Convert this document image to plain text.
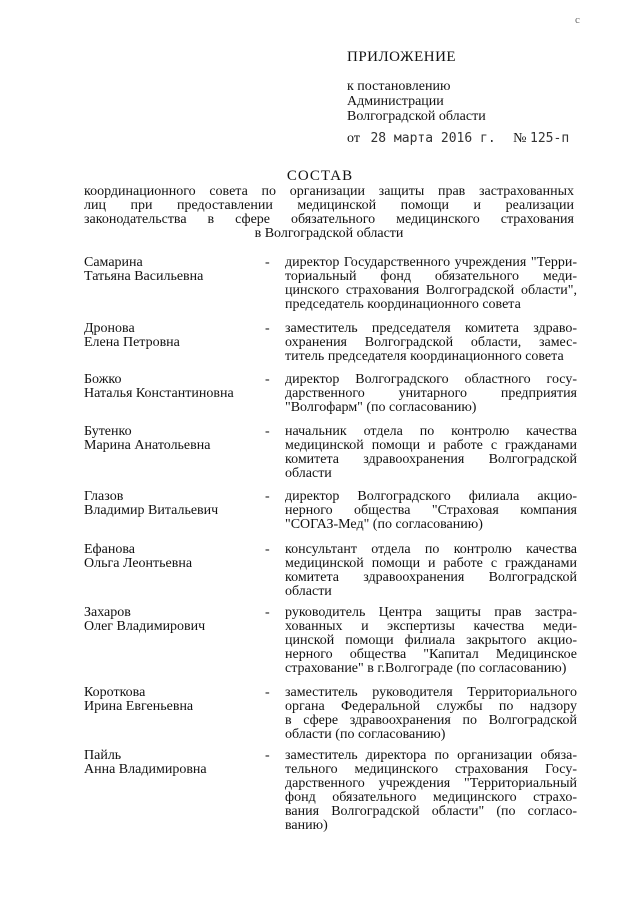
с
ПРИЛОЖЕНИЕ
к постановлению
Администрации
Волгоградской области
от 28 марта 2016 г. № 125-п
СОСТАВ
координационного совета по организации защиты прав застрахованных
лиц при предоставлении медицинской помощи и реализации
законодательства в сфере обязательного медицинского страхования
в Волгоградской области
Самарина
Татьяна Васильевна
- директор Государственного учреждения "Терри-
ториальный фонд обязательного меди-
цинского страхования Волгоградской области",
председатель координационного совета
Дронова
Елена Петровна
- заместитель председателя комитета здраво-
охранения Волгоградской области, замес-
титель председателя координационного совета
Божко
Наталья Константиновна
- директор Волгоградского областного госу-
дарственного унитарного предприятия
"Волгофарм" (по согласованию)
Бутенко
Марина Анатольевна
- начальник отдела по контролю качества
медицинской помощи и работе с гражданами
комитета здравоохранения Волгоградской
области
Глазов
Владимир Витальевич
- директор Волгоградского филиала акцио-
нерного общества "Страховая компания
"СОГАЗ-Мед" (по согласованию)
Ефанова
Ольга Леонтьевна
- консультант отдела по контролю качества
медицинской помощи и работе с гражданами
комитета здравоохранения Волгоградской
области
Захаров
Олег Владимирович
- руководитель Центра защиты прав застра-
хованных и экспертизы качества меди-
цинской помощи филиала закрытого акцио-
нерного общества "Капитал Медицинское
страхование" в г.Волгограде (по согласованию)
Короткова
Ирина Евгеньевна
- заместитель руководителя Территориального
органа Федеральной службы по надзору
в сфере здравоохранения по Волгоградской
области (по согласованию)
Пайль
Анна Владимировна
- заместитель директора по организации обяза-
тельного медицинского страхования Госу-
дарственного учреждения "Территориальный
фонд обязательного медицинского страхо-
вания Волгоградской области" (по согласо-
ванию)
